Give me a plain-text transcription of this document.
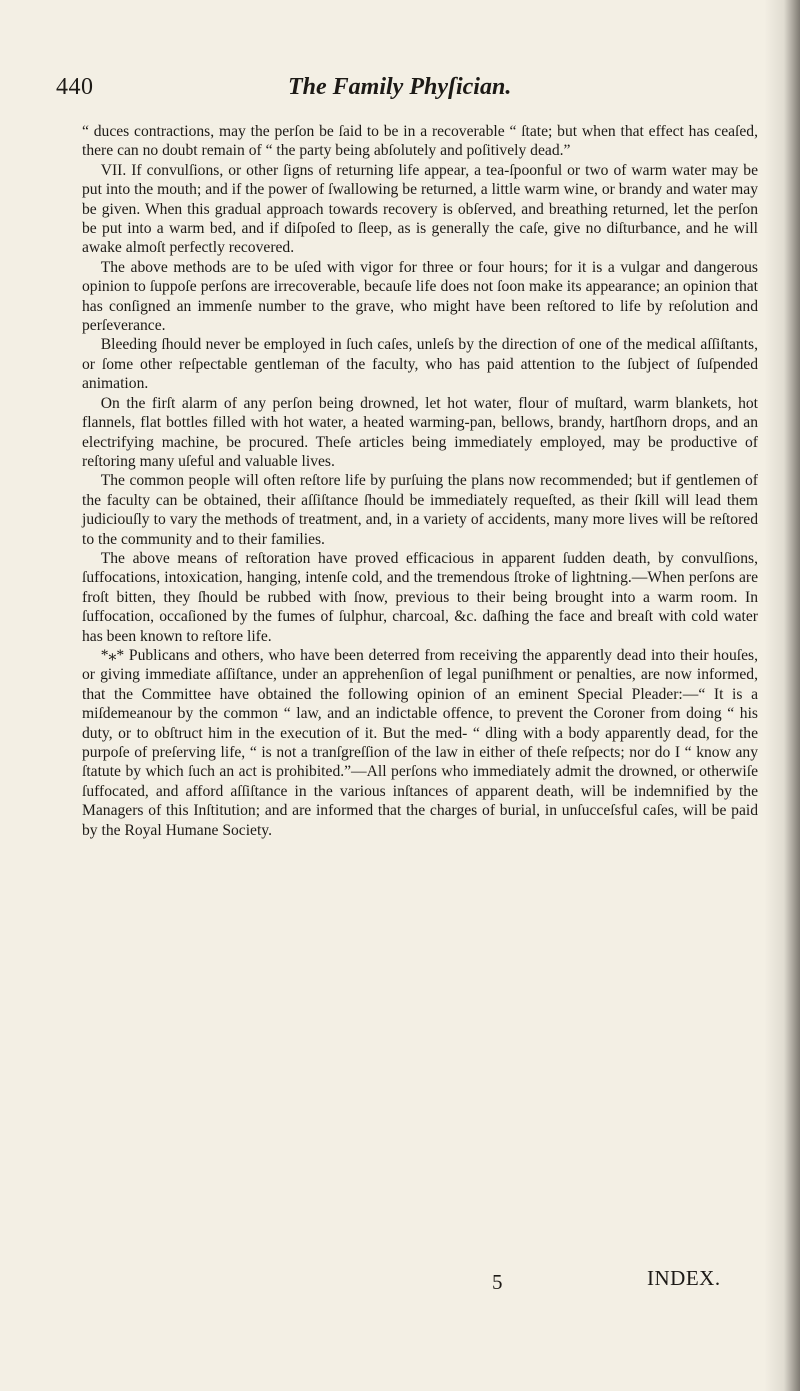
440	The Family Phyſician.

“ duces contractions, may the perſon be ſaid to be in a recoverable “ ſtate; but when that effect has ceaſed, there can no doubt remain of “ the party being abſolutely and poſitively dead.”

VII. If convulſions, or other ſigns of returning life appear, a tea-ſpoonful or two of warm water may be put into the mouth; and if the power of ſwallowing be returned, a little warm wine, or brandy and water may be given. When this gradual approach towards recovery is obſerved, and breathing returned, let the perſon be put into a warm bed, and if diſpoſed to ſleep, as is generally the caſe, give no diſturbance, and he will awake almoſt perfectly recovered.

The above methods are to be uſed with vigor for three or four hours; for it is a vulgar and dangerous opinion to ſuppoſe perſons are irrecoverable, becauſe life does not ſoon make its appearance; an opinion that has conſigned an immenſe number to the grave, who might have been reſtored to life by reſolution and perſeverance.

Bleeding ſhould never be employed in ſuch caſes, unleſs by the direction of one of the medical aſſiſtants, or ſome other reſpectable gentleman of the faculty, who has paid attention to the ſubject of ſuſpended animation.

On the firſt alarm of any perſon being drowned, let hot water, flour of muſtard, warm blankets, hot flannels, flat bottles filled with hot water, a heated warming-pan, bellows, brandy, hartſhorn drops, and an electrifying machine, be procured. Theſe articles being immediately employed, may be productive of reſtoring many uſeful and valuable lives.

The common people will often reſtore life by purſuing the plans now recommended; but if gentlemen of the faculty can be obtained, their aſſiſtance ſhould be immediately requeſted, as their ſkill will lead them judiciouſly to vary the methods of treatment, and, in a variety of accidents, many more lives will be reſtored to the community and to their families.

The above means of reſtoration have proved efficacious in apparent ſudden death, by convulſions, ſuffocations, intoxication, hanging, intenſe cold, and the tremendous ſtroke of lightning.—When perſons are froſt bitten, they ſhould be rubbed with ſnow, previous to their being brought into a warm room. In ſuffocation, occaſioned by the fumes of ſulphur, charcoal, &c. daſhing the face and breaſt with cold water has been known to reſtore life.

*⁎* Publicans and others, who have been deterred from receiving the apparently dead into their houſes, or giving immediate aſſiſtance, under an apprehenſion of legal puniſhment or penalties, are now informed, that the Committee have obtained the following opinion of an eminent Special Pleader:—“ It is a miſdemeanour by the common “ law, and an indictable offence, to prevent the Coroner from doing “ his duty, or to obſtruct him in the execution of it. But the med- “ dling with a body apparently dead, for the purpoſe of preſerving life, “ is not a tranſgreſſion of the law in either of theſe reſpects; nor do I “ know any ſtatute by which ſuch an act is prohibited.”—All perſons who immediately admit the drowned, or otherwiſe ſuffocated, and afford aſſiſtance in the various inſtances of apparent death, will be indemnified by the Managers of this Inſtitution; and are informed that the charges of burial, in unſucceſsful caſes, will be paid by the Royal Humane Society.

5	INDEX.
